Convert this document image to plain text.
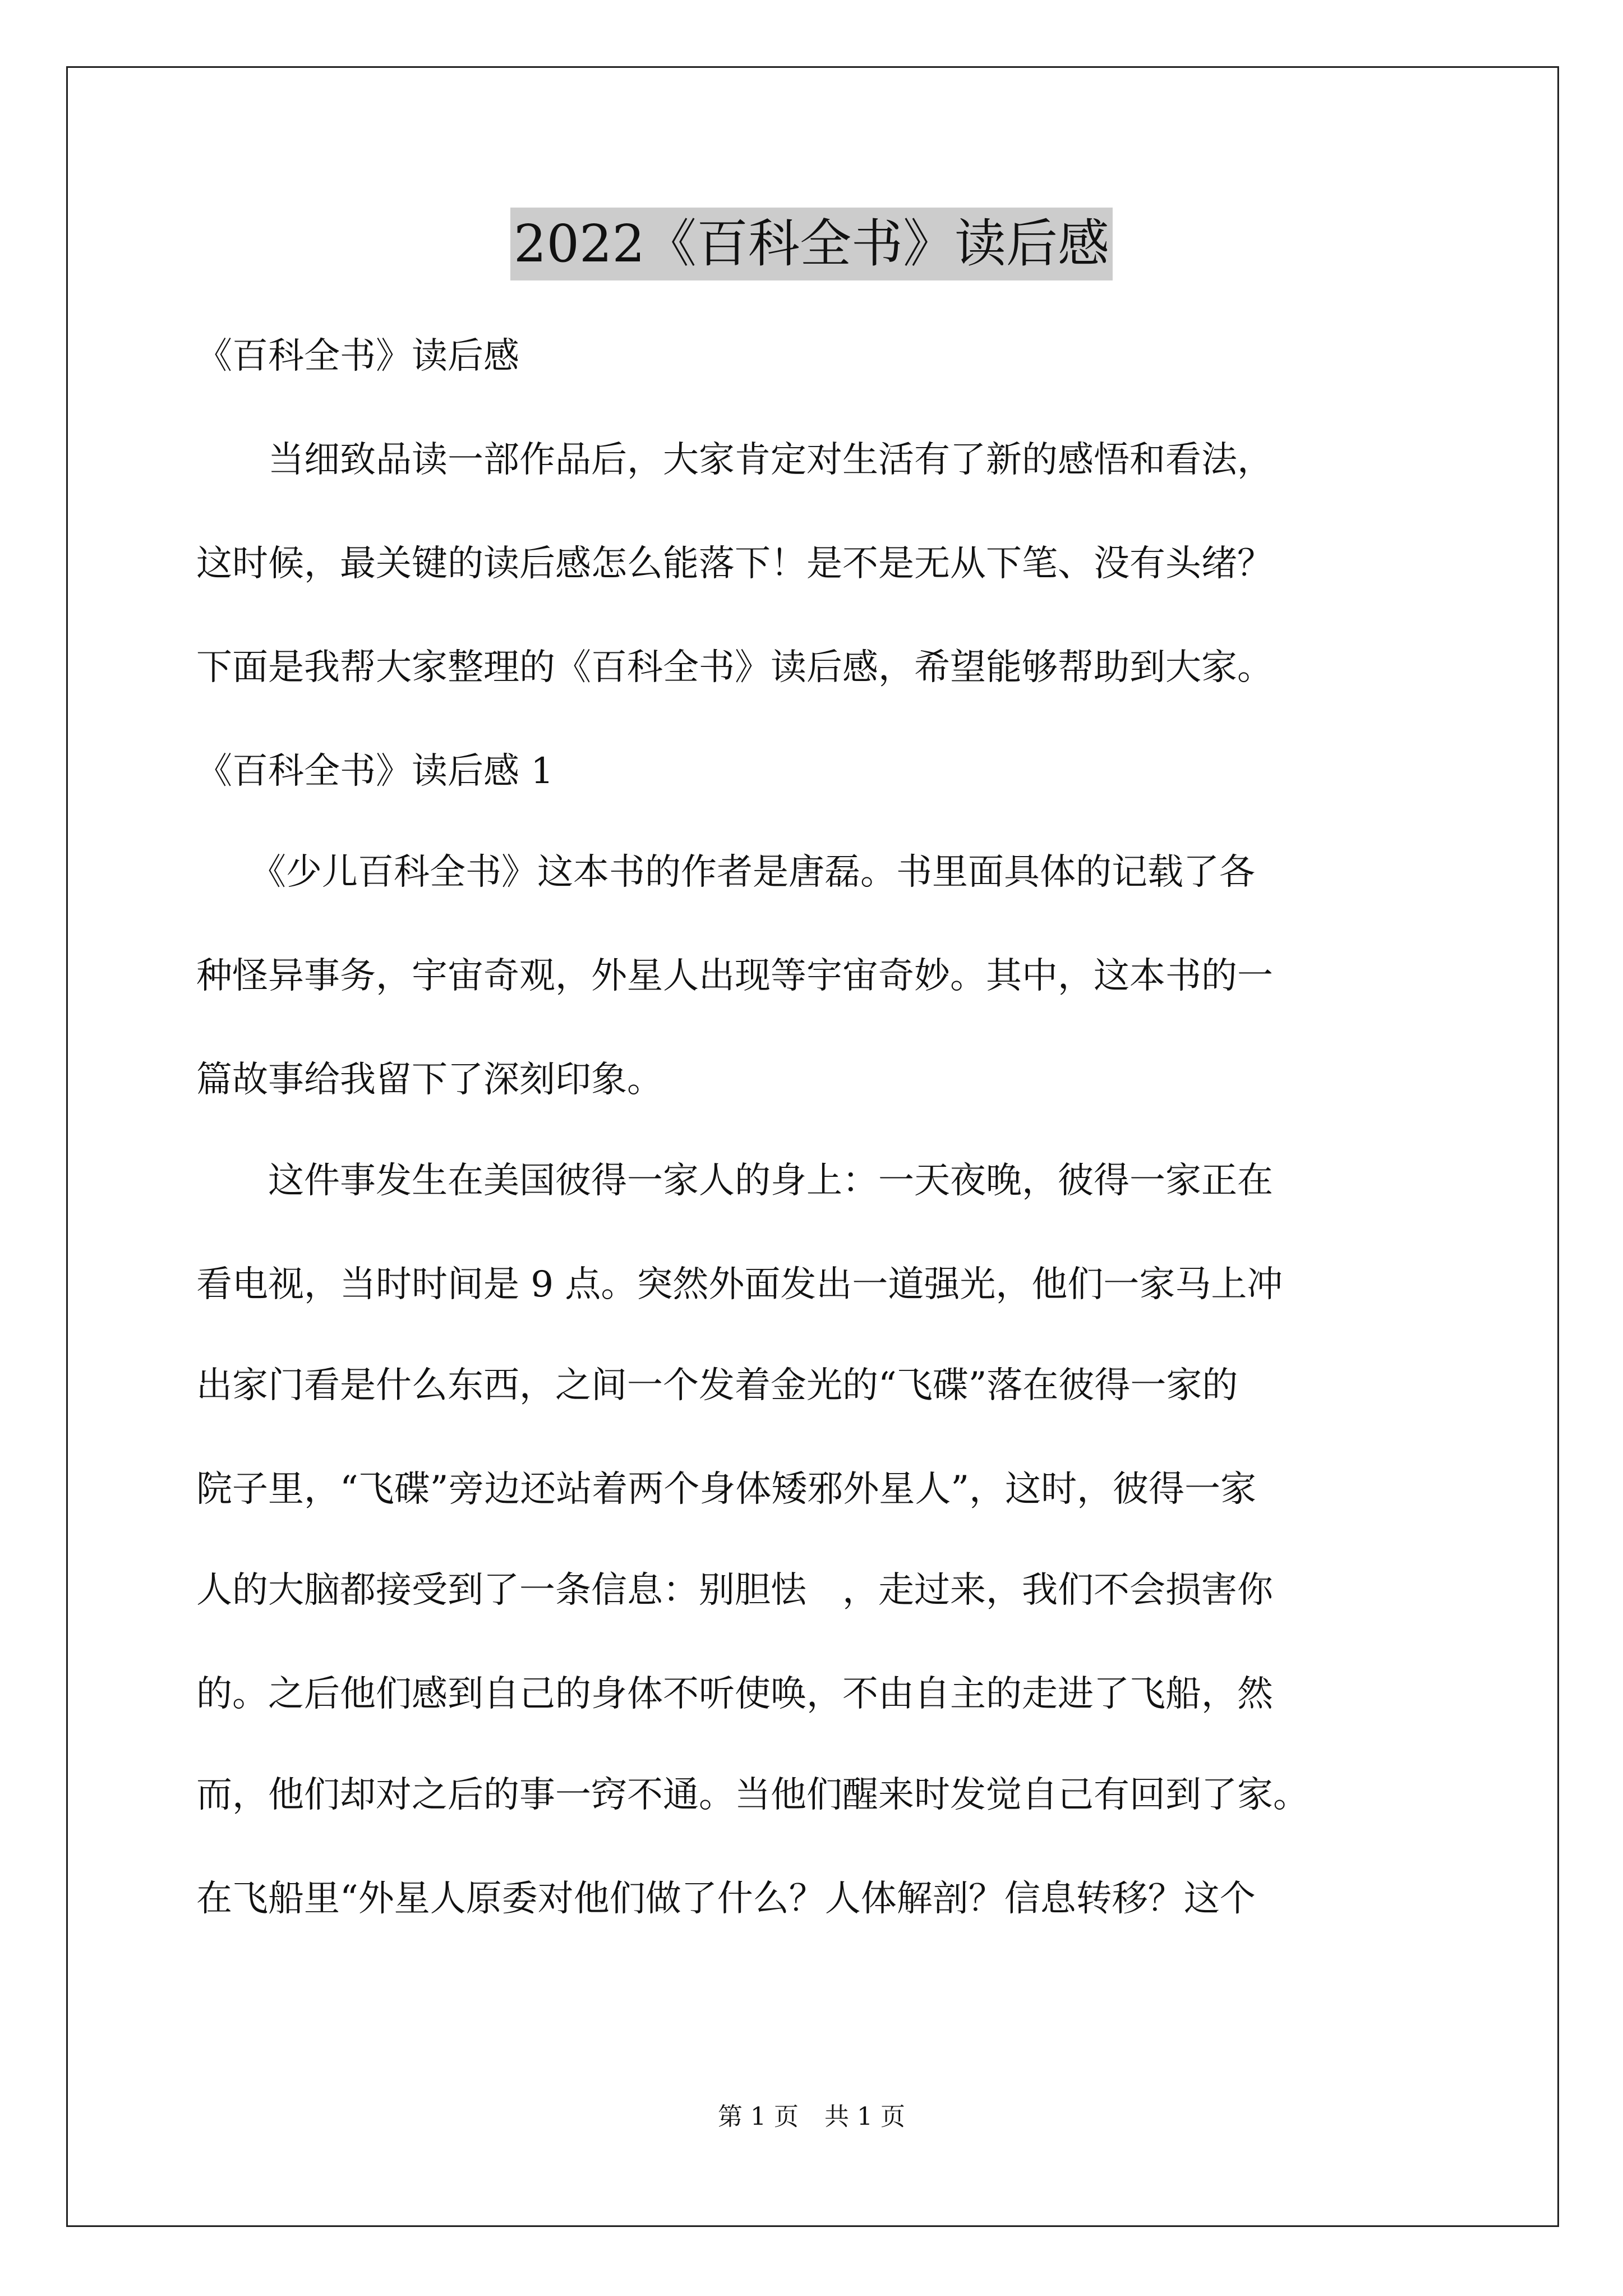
2022《百科全书》读后感

《百科全书》读后感

　　当细致品读一部作品后，大家肯定对生活有了新的感悟和看法，

这时候，最关键的读后感怎么能落下！是不是无从下笔、没有头绪？

下面是我帮大家整理的《百科全书》读后感，希望能够帮助到大家。

《百科全书》读后感 1

　　《少儿百科全书》这本书的作者是唐磊。书里面具体的记载了各

种怪异事务，宇宙奇观，外星人出现等宇宙奇妙。其中，这本书的一

篇故事给我留下了深刻印象。

　　这件事发生在美国彼得一家人的身上：一天夜晚，彼得一家正在

看电视，当时时间是 9 点。突然外面发出一道强光，他们一家马上冲

出家门看是什么东西，之间一个发着金光的“飞碟”落在彼得一家的

院子里，“飞碟”旁边还站着两个身体矮邪外星人”，这时，彼得一家

人的大脑都接受到了一条信息：别胆怯　，走过来，我们不会损害你

的。之后他们感到自己的身体不听使唤，不由自主的走进了飞船，然

而，他们却对之后的事一窍不通。当他们醒来时发觉自己有回到了家。

在飞船里“外星人原委对他们做了什么？人体解剖？信息转移？这个

第 1 页 共 1 页
